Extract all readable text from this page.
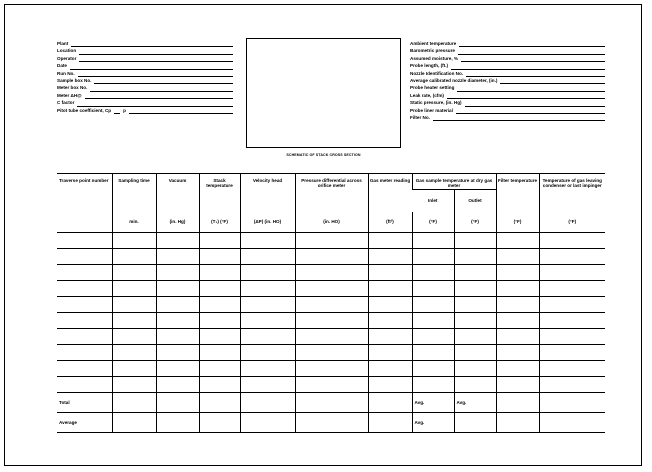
Plant
Location
Operator
Date
Run No.
Sample box No.
Meter box No.
Meter ΔH@
C factor
Pitot tube coefficient, Cp	p
SCHEMATIC OF STACK CROSS SECTION
Ambient temperature
Barometric pressure
Assumed moisture, %
Probe length, (ft.)
Nozzle Identification No.
Average calibrated nozzle diameter, (in.)
Probe heater setting
Leak rate, (cfm)
Static pressure, (in. Hg)
Probe liner material
Filter No.
Traverse point number	Sampling time	Vacuum	Stack temperature	Velocity head	Pressure differential across orifice meter	Gas meter reading	Gas sample temperature at dry gas meter		Filter temperature	Temperature of gas leaving condenser or last impinger
							Inlet	Outlet		
	min.	(in. Hg)	(T₁) (°F)	(ΔP) (in. HO)	(in. HO)	(ft³)	(°F)	(°F)	(°F)	(°F)

Total							Avg.	Avg.		
Average							Avg.			
